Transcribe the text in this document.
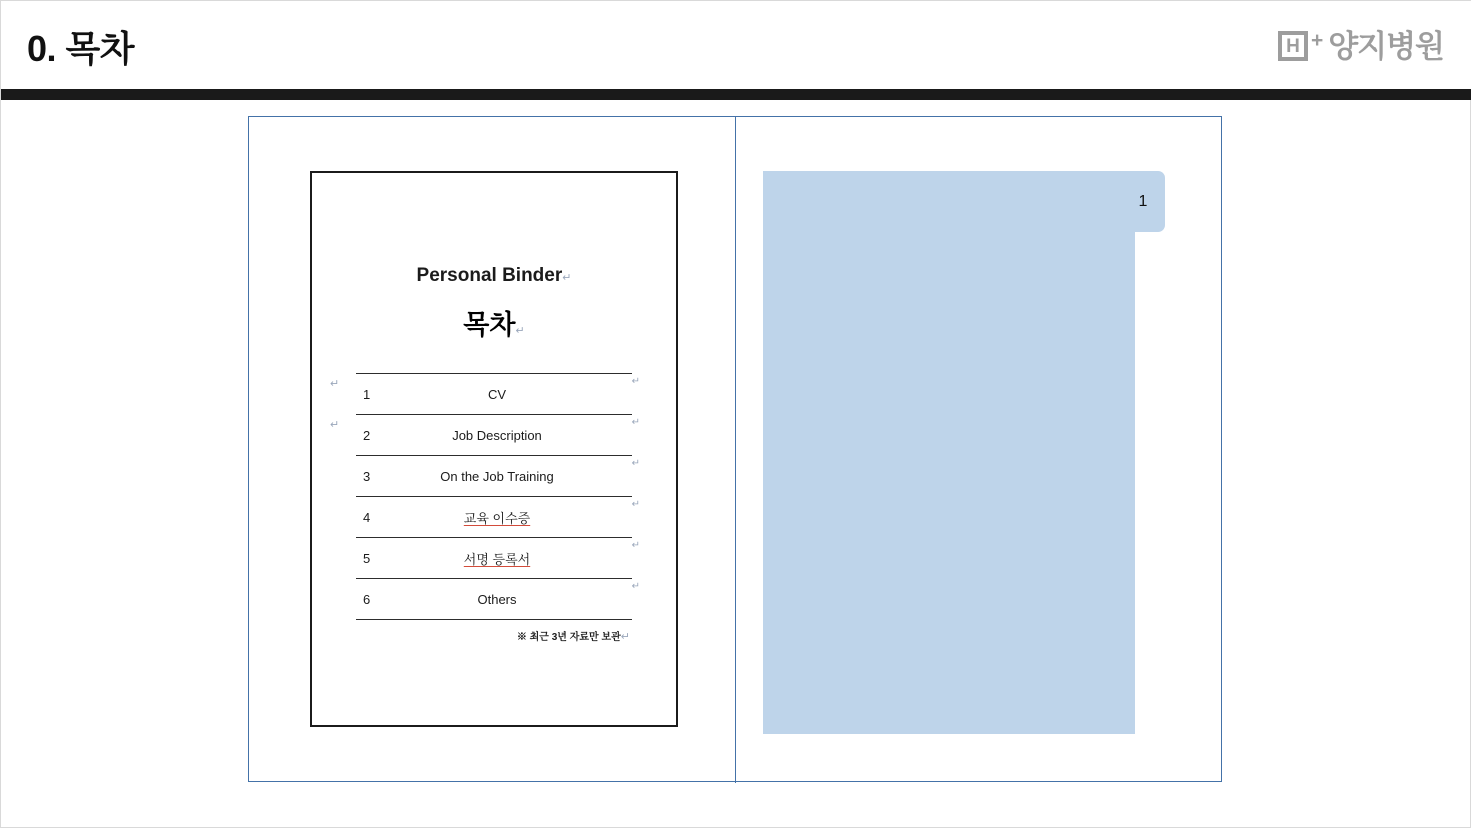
0. 목차	H + 양지병원
Personal Binder↵
목차↵
↵
↵
1	CV
↵
2	Job Description
↵
3	On the Job Training
↵
4	교육 이수증
↵
5	서명 등록서
↵
6	Others
↵
※ 최근 3년 자료만 보관↵
1
